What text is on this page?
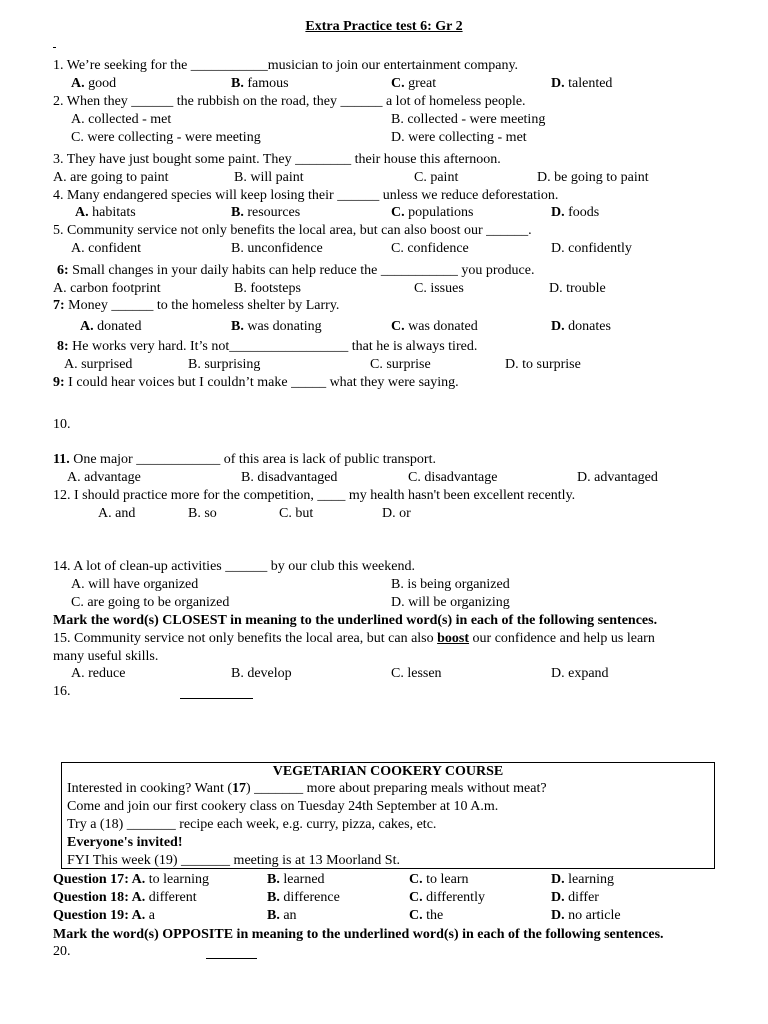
Extra Practice test 6: Gr 2
1. We’re seeking for the ___________musician to join our entertainment company.
A. good	B. famous	C. great	D. talented
2. When they ______ the rubbish on the road, they ______ a lot of homeless people.
A. collected - met	B. collected - were meeting
C. were collecting - were meeting	D. were collecting - met
3. They have just bought some paint. They ________ their house this afternoon.
A. are going to paint	B. will paint	C. paint	D. be going to paint
4. Many endangered species will keep losing their ______ unless we reduce deforestation.
A. habitats	B. resources	C. populations	D. foods
5. Community service not only benefits the local area, but can also boost our ______.
A. confident	B. unconfidence	C. confidence	D. confidently
6: Small changes in your daily habits can help reduce the ___________ you produce.
A. carbon footprint	B. footsteps	C. issues	D. trouble
7: Money ______ to the homeless shelter by Larry.
A. donated	B. was donating	C. was donated	D. donates
8: He works very hard. It’s not_________________ that he is always tired.
A. surprised	B. surprising	C. surprise	D. to surprise
9: I could hear voices but I couldn’t make _____ what they were saying.
10.
11. One major ____________ of this area is lack of public transport.
A. advantage	B. disadvantaged	C. disadvantage	D. advantaged
12. I should practice more for the competition, ____ my health hasn't been excellent recently.
A. and	B. so	C. but	D. or
14. A lot of clean-up activities ______ by our club this weekend.
A. will have organized	B. is being organized
C. are going to be organized	D. will be organizing
Mark the word(s) CLOSEST in meaning to the underlined word(s) in each of the following sentences.
15. Community service not only benefits the local area, but can also boost our confidence and help us learn
many useful skills.
A. reduce	B. develop	C. lessen	D. expand
16.
VEGETARIAN COOKERY COURSE
Interested in cooking? Want (17) _______ more about preparing meals without meat?
Come and join our first cookery class on Tuesday 24th September at 10 A.m.
Try a (18) _______ recipe each week, e.g. curry, pizza, cakes, etc.
Everyone's invited!
FYI This week (19) _______ meeting is at 13 Moorland St.
Question 17: A. to learning	B. learned	C. to learn	D. learning
Question 18: A. different	B. difference	C. differently	D. differ
Question 19: A. a	B. an	C. the	D. no article
Mark the word(s) OPPOSITE in meaning to the underlined word(s) in each of the following sentences.
20.
